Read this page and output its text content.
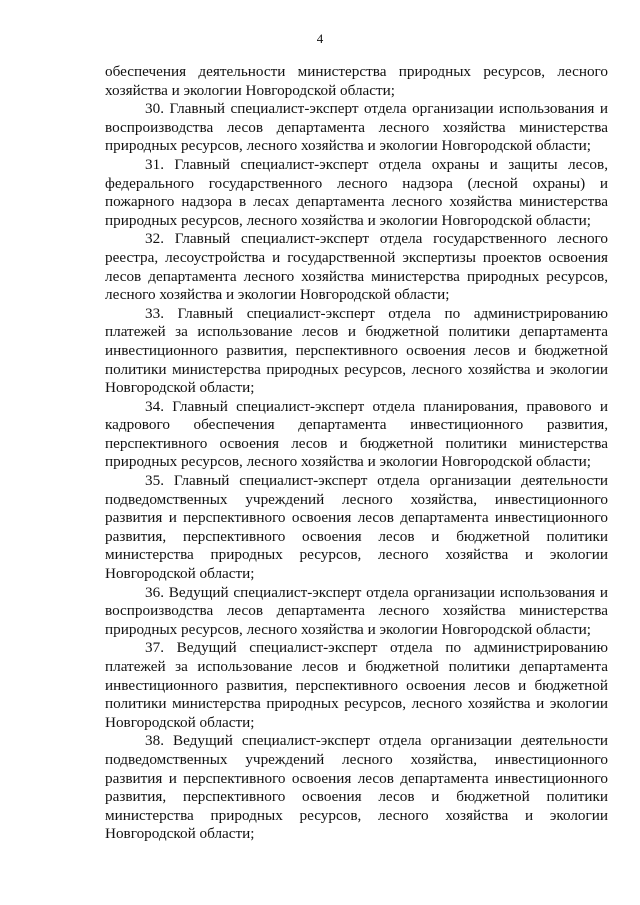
4

обеспечения деятельности министерства природных ресурсов, лесного хозяйства и экологии Новгородской области;

30. Главный специалист-эксперт отдела организации использования и воспроизводства лесов департамента лесного хозяйства министерства природных ресурсов, лесного хозяйства и экологии Новгородской области;

31. Главный специалист-эксперт отдела охраны и защиты лесов, федерального государственного лесного надзора (лесной охраны) и пожарного надзора в лесах департамента лесного хозяйства министерства природных ресурсов, лесного хозяйства и экологии Новгородской области;

32. Главный специалист-эксперт отдела государственного лесного реестра, лесоустройства и государственной экспертизы проектов освоения лесов департамента лесного хозяйства министерства природных ресурсов, лесного хозяйства и экологии Новгородской области;

33. Главный специалист-эксперт отдела по администрированию платежей за использование лесов и бюджетной политики департамента инвестиционного развития, перспективного освоения лесов и бюджетной политики министерства природных ресурсов, лесного хозяйства и экологии Новгородской области;

34. Главный специалист-эксперт отдела планирования, правового и кадрового обеспечения департамента инвестиционного развития, перспективного освоения лесов и бюджетной политики министерства природных ресурсов, лесного хозяйства и экологии Новгородской области;

35. Главный специалист-эксперт отдела организации деятельности подведомственных учреждений лесного хозяйства, инвестиционного развития и перспективного освоения лесов департамента инвестиционного развития, перспективного освоения лесов и бюджетной политики министерства природных ресурсов, лесного хозяйства и экологии Новгородской области;

36. Ведущий специалист-эксперт отдела организации использования и воспроизводства лесов департамента лесного хозяйства министерства природных ресурсов, лесного хозяйства и экологии Новгородской области;

37. Ведущий специалист-эксперт отдела по администрированию платежей за использование лесов и бюджетной политики департамента инвестиционного развития, перспективного освоения лесов и бюджетной политики министерства природных ресурсов, лесного хозяйства и экологии Новгородской области;

38. Ведущий специалист-эксперт отдела организации деятельности подведомственных учреждений лесного хозяйства, инвестиционного развития и перспективного освоения лесов департамента инвестиционного развития, перспективного освоения лесов и бюджетной политики министерства природных ресурсов, лесного хозяйства и экологии Новгородской области;
